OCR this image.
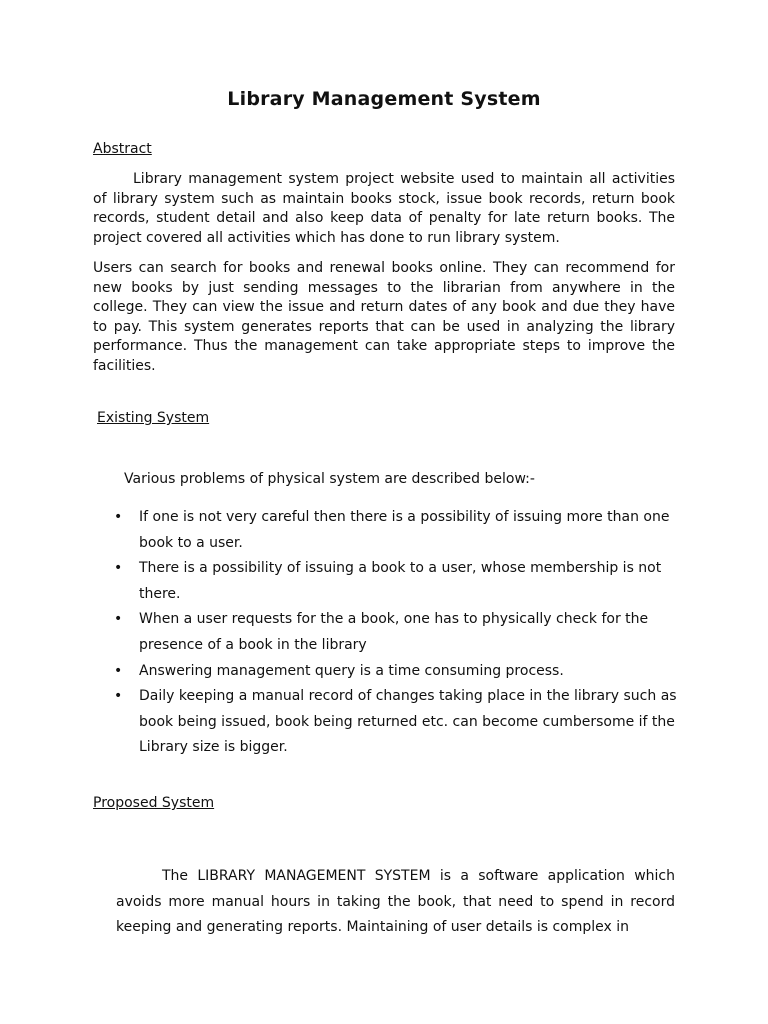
Library Management System
Abstract
Library management system project website used to maintain all activities of library system such as maintain books stock, issue book records, return book records, student detail and also keep data of penalty for late return books. The project covered all activities which has done to run library system.
Users can search for books and renewal books online. They can recommend for new books by just sending messages to the librarian from anywhere in the college. They can view the issue and return dates of any book and due they have to pay. This system generates reports that can be used in analyzing the library performance. Thus the management can take appropriate steps to improve the facilities.
Existing System
Various problems of physical system are described below:-
• If one is not very careful then there is a possibility of issuing more than one book to a user.
• There is a possibility of issuing a book to a user, whose membership is not there.
• When a user requests for the a book, one has to physically check for the presence of a book in the library
• Answering management query is a time consuming process.
• Daily keeping a manual record of changes taking place in the library such as book being issued, book being returned etc. can become cumbersome if the Library size is bigger.
Proposed System
The LIBRARY MANAGEMENT SYSTEM is a software application which avoids more manual hours in taking the book, that need to spend in record keeping and generating reports. Maintaining of user details is complex in
